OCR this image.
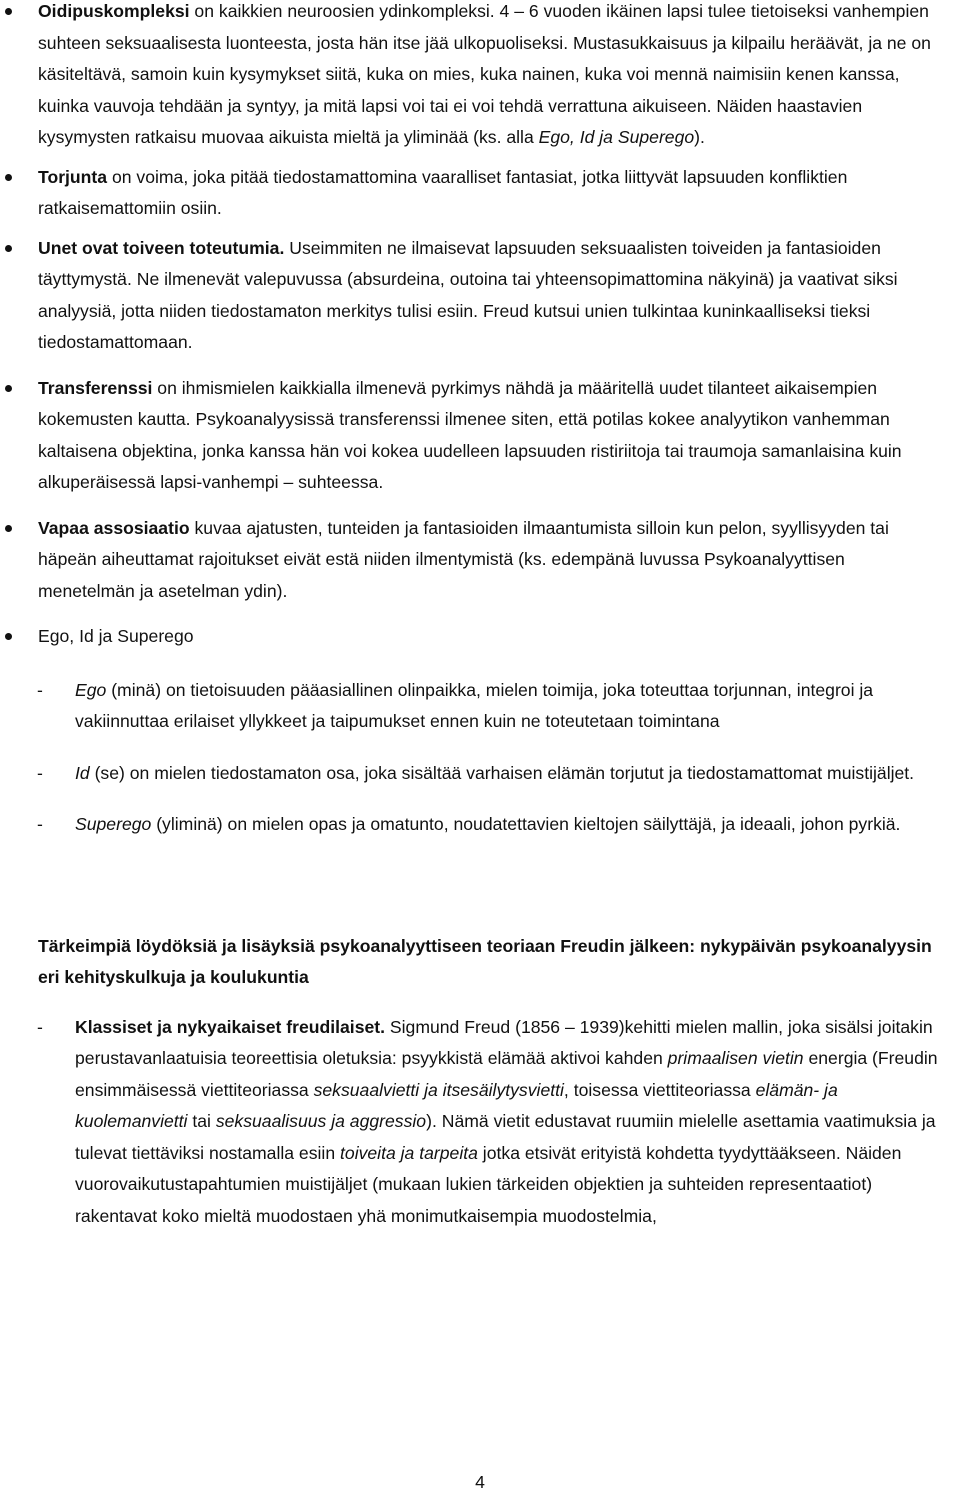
Oidipuskompleksi on kaikkien neuroosien ydinkompleksi. 4 – 6 vuoden ikäinen lapsi tulee tietoiseksi vanhempien suhteen seksuaalisesta luonteesta, josta hän itse jää ulkopuoliseksi. Mustasukkaisuus ja kilpailu heräävät, ja ne on käsiteltävä, samoin kuin kysymykset siitä, kuka on mies, kuka nainen, kuka voi mennä naimisiin kenen kanssa, kuinka vauvoja tehdään ja syntyy, ja mitä lapsi voi tai ei voi tehdä verrattuna aikuiseen. Näiden haastavien kysymysten ratkaisu muovaa aikuista mieltä ja yliminää (ks. alla Ego, Id ja Superego).
Torjunta on voima, joka pitää tiedostamattomina vaaralliset fantasiat, jotka liittyvät lapsuuden konfliktien ratkaisemattomiin osiin.
Unet ovat toiveen toteutumia. Useimmiten ne ilmaisevat lapsuuden seksuaalisten toiveiden ja fantasioiden täyttymystä. Ne ilmenevät valepuvussa (absurdeina, outoina tai yhteensopimattomina näkyinä) ja vaativat siksi analyysiä, jotta niiden tiedostamaton merkitys tulisi esiin. Freud kutsui unien tulkintaa kuninkaalliseksi tieksi tiedostamattomaan.
Transferenssi on ihmismielen kaikkialla ilmenevä pyrkimys nähdä ja määritellä uudet tilanteet aikaisempien kokemusten kautta. Psykoanalyysissä transferenssi ilmenee siten, että potilas kokee analyytikon vanhemman kaltaisena objektina, jonka kanssa hän voi kokea uudelleen lapsuuden ristiriitoja tai traumoja samanlaisina kuin alkuperäisessä lapsi-vanhempi – suhteessa.
Vapaa assosiaatio kuvaa ajatusten, tunteiden ja fantasioiden ilmaantumista silloin kun pelon, syyllisyyden tai häpeän aiheuttamat rajoitukset eivät estä niiden ilmentymistä (ks. edempänä luvussa Psykoanalyyttisen menetelmän ja asetelman ydin).
Ego, Id ja Superego
- Ego (minä) on tietoisuuden pääasiallinen olinpaikka, mielen toimija, joka toteuttaa torjunnan, integroi ja vakiinnuttaa erilaiset yllykkeet ja taipumukset ennen kuin ne toteutetaan toimintana
- Id (se) on mielen tiedostamaton osa, joka sisältää varhaisen elämän torjutut ja tiedostamattomat muistijäljet.
- Superego (yliminä) on mielen opas ja omatunto, noudatettavien kieltojen säilyttäjä, ja ideaali, johon pyrkiä.
Tärkeimpiä löydöksiä ja lisäyksiä psykoanalyyttiseen teoriaan Freudin jälkeen: nykypäivän psykoanalyysin eri kehityskulkuja ja koulukuntia
- Klassiset ja nykyaikaiset freudilaiset. Sigmund Freud (1856 – 1939)kehitti mielen mallin, joka sisälsi joitakin perustavanlaatuisia teoreettisia oletuksia: psyykkistä elämää aktivoi kahden primaalisen vietin energia (Freudin ensimmäisessä viettiteoriassa seksuaalvietti ja itsesäilytysvietti, toisessa viettiteoriassa elämän- ja kuolemanvietti tai seksuaalisuus ja aggressio). Nämä vietit edustavat ruumiin mielelle asettamia vaatimuksia ja tulevat tiettäviksi nostamalla esiin toiveita ja tarpeita jotka etsivät erityistä kohdetta tyydyttääkseen. Näiden vuorovaikutustapahtumien muistijäljet (mukaan lukien tärkeiden objektien ja suhteiden representaatiot) rakentavat koko mieltä muodostaen yhä monimutkaisempia muodostelmia,
4
